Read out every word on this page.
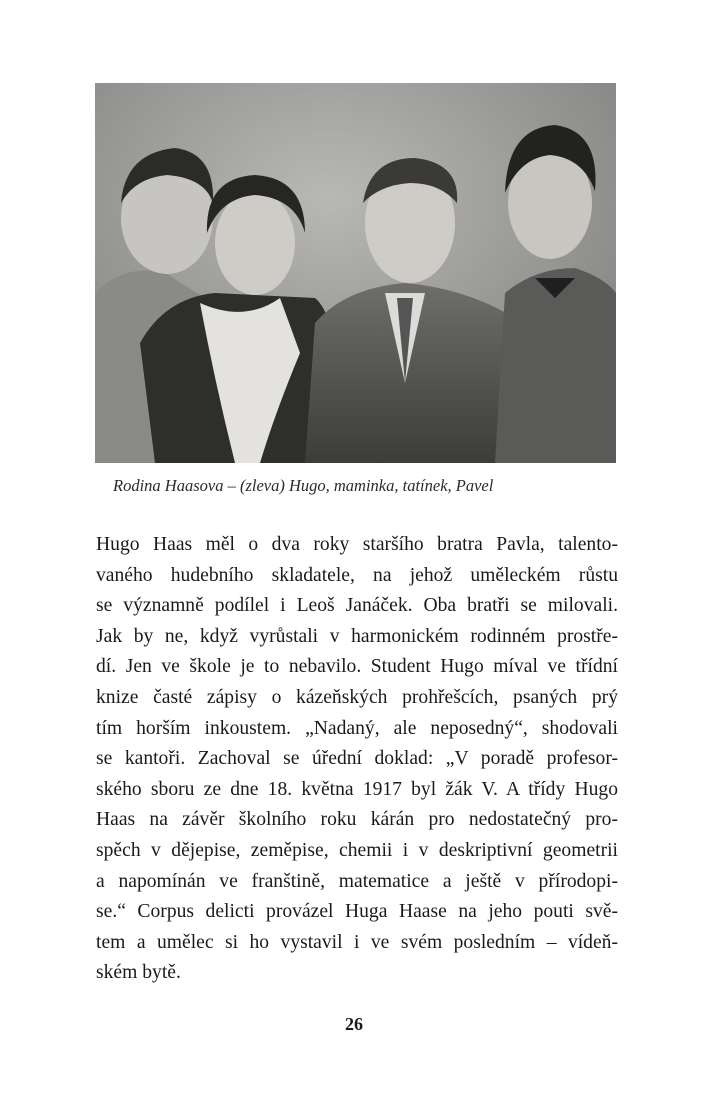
Rodina Haasova – (zleva) Hugo, maminka, tatínek, Pavel
Hugo Haas měl o dva roky staršího bratra Pavla, talento-
vaného hudebního skladatele, na jehož uměleckém růstu
se významně podílel i Leoš Janáček. Oba bratři se milovali.
Jak by ne, když vyrůstali v harmonickém rodinném prostře-
dí. Jen ve škole je to nebavilo. Student Hugo míval ve třídní
knize časté zápisy o kázeňských prohřešcích, psaných prý
tím horším inkoustem. „Nadaný, ale neposedný“, shodovali
se kantoři. Zachoval se úřední doklad: „V poradě profesor-
ského sboru ze dne 18. května 1917 byl žák V. A třídy Hugo
Haas na závěr školního roku kárán pro nedostatečný pro-
spěch v dějepise, zeměpise, chemii i v deskriptivní geometrii
a napomínán ve franštině, matematice a ještě v přírodopi-
se.“ Corpus delicti provázel Huga Haase na jeho pouti svě-
tem a umělec si ho vystavil i ve svém posledním – vídeň-
ském bytě.
26
